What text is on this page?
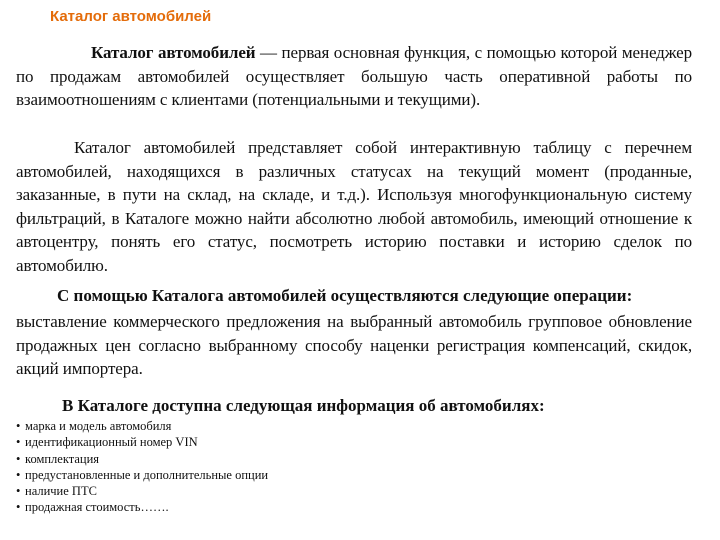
Каталог автомобилей
Каталог автомобилей — первая основная функция, с помощью которой менеджер по продажам автомобилей осуществляет большую часть оперативной работы по взаимоотношениям с клиентами (потенциальными и текущими).
Каталог автомобилей представляет собой интерактивную таблицу с перечнем автомобилей, находящихся в различных статусах на текущий момент (проданные, заказанные, в пути на склад, на складе, и т.д.). Используя многофункциональную систему фильтраций, в Каталоге можно найти абсолютно любой автомобиль, имеющий отношение к автоцентру, понять его статус, посмотреть историю поставки и историю сделок по автомобилю.
С помощью Каталога автомобилей осуществляются следующие операции:
выставление коммерческого предложения на выбранный автомобиль групповое обновление продажных цен согласно выбранному способу наценки регистрация компенсаций, скидок, акций импортера.
В Каталоге доступна следующая информация об автомобилях:
• марка и модель автомобиля
• идентификационный номер VIN
• комплектация
• предустановленные и дополнительные опции
• наличие ПТС
• продажная стоимость…….
